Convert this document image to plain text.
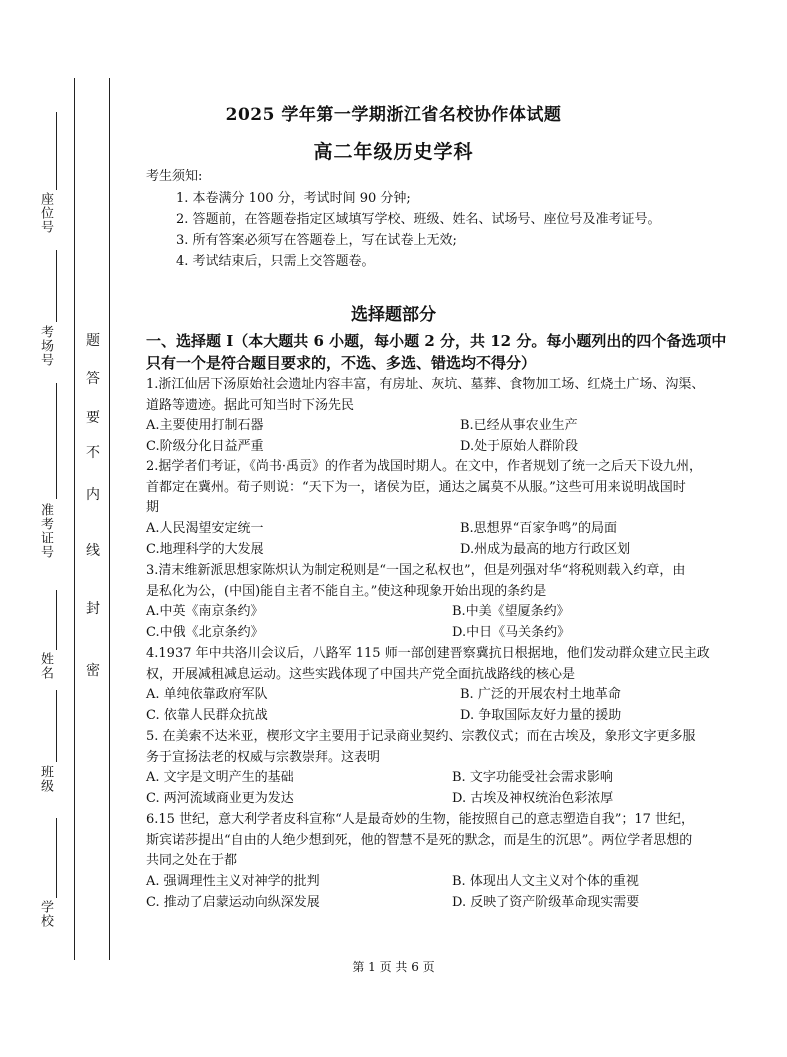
座位号
考场号
准考证号
姓名
班级
学校
密
封
线
内
不
要
答
题
2025 学年第一学期浙江省名校协作体试题
高二年级历史学科
考生须知:
1. 本卷满分 100 分，考试时间 90 分钟;
2. 答题前，在答题卷指定区域填写学校、班级、姓名、试场号、座位号及准考证号。
3. 所有答案必须写在答题卷上，写在试卷上无效;
4. 考试结束后，只需上交答题卷。
选择题部分
一、选择题 I（本大题共 6 小题，每小题 2 分，共 12 分。每小题列出的四个备选项中
只有一个是符合题目要求的，不选、多选、错选均不得分）
1.浙江仙居下汤原始社会遗址内容丰富，有房址、灰坑、墓葬、食物加工场、红烧土广场、沟渠、
道路等遗迹。据此可知当时下汤先民
A.主要使用打制石器	B.已经从事农业生产
C.阶级分化日益严重	D.处于原始人群阶段
2.据学者们考证，《尚书·禹贡》的作者为战国时期人。在文中，作者规划了统一之后天下设九州，
首都定在冀州。荀子则说：“天下为一，诸侯为臣，通达之属莫不从服。”这些可用来说明战国时
期
A.人民渴望安定统一	B.思想界“百家争鸣”的局面
C.地理科学的大发展	D.州成为最高的地方行政区划
3.清末维新派思想家陈炽认为制定税则是“一国之私权也”，但是列强对华“将税则载入约章，由
是私化为公，(中国)能自主者不能自主。”使这种现象开始出现的条约是
A.中英《南京条约》	B.中美《望厦条约》
C.中俄《北京条约》	D.中日《马关条约》
4.1937 年中共洛川会议后，八路军 115 师一部创建晋察冀抗日根据地，他们发动群众建立民主政
权，开展减租减息运动。这些实践体现了中国共产党全面抗战路线的核心是
A. 单纯依靠政府军队	B. 广泛的开展农村土地革命
C. 依靠人民群众抗战	D. 争取国际友好力量的援助
5. 在美索不达米亚，楔形文字主要用于记录商业契约、宗教仪式；而在古埃及，象形文字更多服
务于宣扬法老的权威与宗教崇拜。这表明
A. 文字是文明产生的基础	B. 文字功能受社会需求影响
C. 两河流域商业更为发达	D. 古埃及神权统治色彩浓厚
6.15 世纪，意大利学者皮科宣称“人是最奇妙的生物，能按照自己的意志塑造自我”；17 世纪，
斯宾诺莎提出“自由的人绝少想到死，他的智慧不是死的默念，而是生的沉思”。两位学者思想的
共同之处在于都
A. 强调理性主义对神学的批判	B. 体现出人文主义对个体的重视
C. 推动了启蒙运动向纵深发展	D. 反映了资产阶级革命现实需要
第 1 页 共 6 页
